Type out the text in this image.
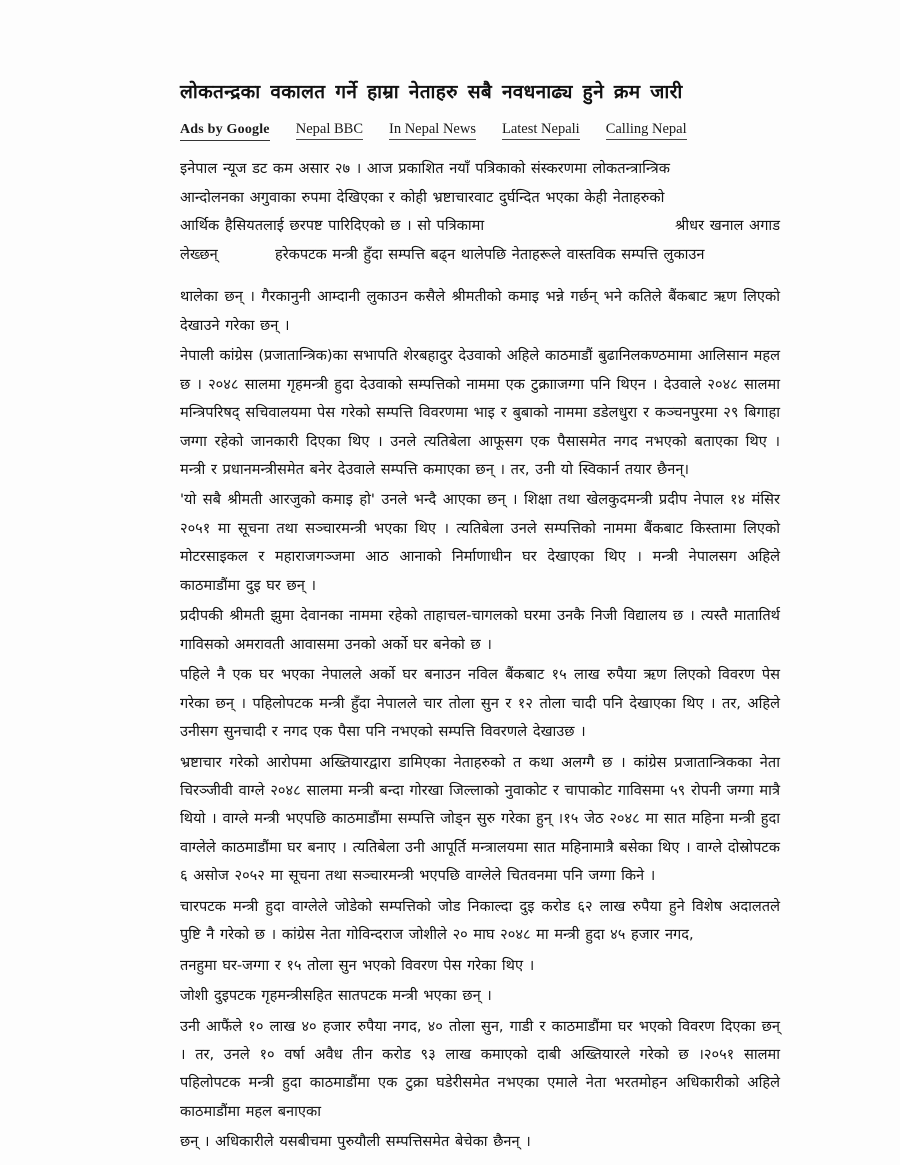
लोकतन्द्रका वकालत गर्ने हाम्रा नेताहरु सबै नवधनाढ्य हुने क्रम जारी
Ads by Google Nepal BBC In Nepal News Latest Nepali Calling Nepal
इनेपाल न्यूज डट कम असार २७ । आज प्रकाशित नयाँ पत्रिकाको संस्करणमा लोकतन्त्रान्त्रिक
आन्दोलनका अगुवाका रुपमा देखिएका र कोही भ्रष्टाचारवाट दुर्घन्दित भएका केही नेताहरुको
आर्थिक हैसियतलाई छरपष्ट पारिदिएको छ । सो पत्रिकामा	श्रीधर खनाल अगाड
लेख्छन्	हरेकपटक मन्त्री हुँदा सम्पत्ति बढ्न थालेपछि नेताहरूले वास्तविक सम्पत्ति लुकाउन

थालेका छन् । गैरकानुनी आम्दानी लुकाउन कसैले श्रीमतीको कमाइ भन्ने गर्छन् भने कतिले बैंकबाट ऋण लिएको देखाउने गरेका छन् ।

नेपाली कांग्रेस (प्रजातान्त्रिक)का सभापति शेरबहादुर देउवाको अहिले काठमाडौं बुढानिलकण्ठमामा आलिसान महल छ । २०४८ सालमा गृहमन्त्री हुदा देउवाको सम्पत्तिको नाममा एक टुक्रााजग्गा पनि थिएन । देउवाले २०४८ सालमा मन्त्रिपरिषद् सचिवालयमा पेस गरेको सम्पत्ति विवरणमा भाइ र बुबाको नाममा डडेलधुरा र कञ्चनपुरमा २९ बिगाहा जग्गा रहेको जानकारी दिएका थिए । उनले त्यतिबेला आफूसग एक पैसासमेत नगद नभएको बताएका थिए । मन्त्री र प्रधानमन्त्रीसमेत बनेर देउवाले सम्पत्ति कमाएका छन् । तर, उनी यो स्विकार्न तयार छैनन्।

'यो सबै श्रीमती आरजुको कमाइ हो' उनले भन्दै आएका छन् । शिक्षा तथा खेलकुदमन्त्री प्रदीप नेपाल १४ मंसिर २०५१ मा सूचना तथा सञ्चारमन्त्री भएका थिए । त्यतिबेला उनले सम्पत्तिको नाममा बैंकबाट किस्तामा लिएको मोटरसाइकल र महाराजगञ्जमा आठ आनाको निर्माणाधीन घर देखाएका थिए । मन्त्री नेपालसग अहिले काठमाडौंमा दुइ घर छन् ।

प्रदीपकी श्रीमती झुमा देवानका नाममा रहेको ताहाचल-चागलको घरमा उनकै निजी विद्यालय छ । त्यस्तै मातातिर्थ गाविसको अमरावती आवासमा उनको अर्को घर बनेको छ ।

पहिले नै एक घर भएका नेपालले अर्को घर बनाउन नविल बैंकबाट १५ लाख रुपैया ऋण लिएको विवरण पेस गरेका छन् । पहिलोपटक मन्त्री हुँदा नेपालले चार तोला सुन र १२ तोला चादी पनि देखाएका थिए । तर, अहिले उनीसग सुनचादी र नगद एक पैसा पनि नभएको सम्पत्ति विवरणले देखाउछ ।

भ्रष्टाचार गरेको आरोपमा अख्तियारद्वारा डामिएका नेताहरुको त कथा अलग्गै छ । कांग्रेस प्रजातान्त्रिकका नेता चिरञ्जीवी वाग्ले २०४८ सालमा मन्त्री बन्दा गोरखा जिल्लाको नुवाकोट र चापाकोट गाविसमा ५९ रोपनी जग्गा मात्रै थियो । वाग्ले मन्त्री भएपछि काठमाडौंमा सम्पत्ति जोड्न सुरु गरेका हुन् ।१५ जेठ २०४८ मा सात महिना मन्त्री हुदा वाग्लेले काठमाडौंमा घर बनाए । त्यतिबेला उनी आपूर्ति मन्त्रालयमा सात महिनामात्रै बसेका थिए । वाग्ले दोस्रोपटक ६ असोज २०५२ मा सूचना तथा सञ्चारमन्त्री भएपछि वाग्लेले चितवनमा पनि जग्गा किने ।

चारपटक मन्त्री हुदा वाग्लेले जोडेको सम्पत्तिको जोड निकाल्दा दुइ करोड ६२ लाख रुपैया हुने विशेष अदालतले पुष्टि नै गरेको छ । कांग्रेस नेता गोविन्दराज जोशीले २० माघ २०४८ मा मन्त्री हुदा ४५ हजार नगद,

तनहुमा घर-जग्गा र १५ तोला सुन भएको विवरण पेस गरेका थिए ।

जोशी दुइपटक गृहमन्त्रीसहित सातपटक मन्त्री भएका छन् ।

उनी आफैंले १० लाख ४० हजार रुपैया नगद, ४० तोला सुन, गाडी र काठमाडौंमा घर भएको विवरण दिएका छन् । तर, उनले १० वर्षा अवैध तीन करोड ९३ लाख कमाएको दाबी अख्तियारले गरेको छ ।२०५१ सालमा पहिलोपटक मन्त्री हुदा काठमाडौंमा एक टुक्रा घडेरीसमेत नभएका एमाले नेता भरतमोहन अधिकारीको अहिले काठमाडौंमा महल बनाएका

छन् । अधिकारीले यसबीचमा पुरुयौली सम्पत्तिसमेत बेचेका छैनन् ।
